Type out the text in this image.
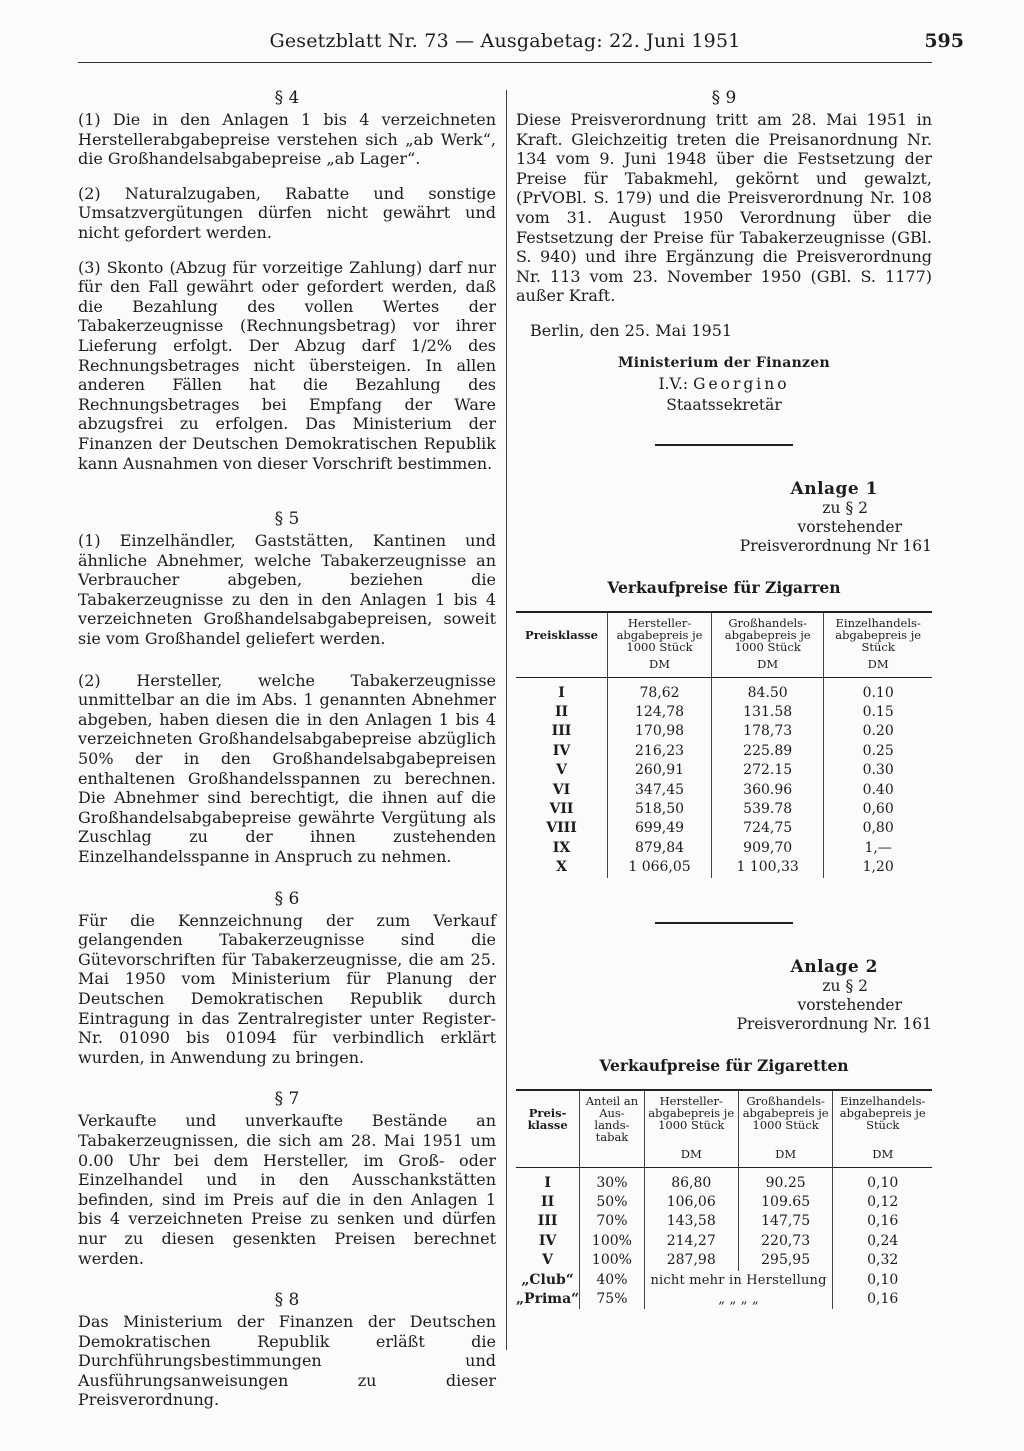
Gesetzblatt Nr. 73 — Ausgabetag: 22. Juni 1951	595
§ 4

(1) Die in den Anlagen 1 bis 4 verzeichneten Herstellerabgabepreise verstehen sich „ab Werk“, die Großhandelsabgabepreise „ab Lager“.

(2) Naturalzugaben, Rabatte und sonstige Umsatzvergütungen dürfen nicht gewährt und nicht gefordert werden.

(3) Skonto (Abzug für vorzeitige Zahlung) darf nur für den Fall gewährt oder gefordert werden, daß die Bezahlung des vollen Wertes der Tabakerzeugnisse (Rechnungsbetrag) vor ihrer Lieferung erfolgt. Der Abzug darf 1/2% des Rechnungsbetrages nicht übersteigen. In allen anderen Fällen hat die Bezahlung des Rechnungsbetrages bei Empfang der Ware abzugsfrei zu erfolgen. Das Ministerium der Finanzen der Deutschen Demokratischen Republik kann Ausnahmen von dieser Vorschrift bestimmen.

§ 5

(1) Einzelhändler, Gaststätten, Kantinen und ähnliche Abnehmer, welche Tabakerzeugnisse an Verbraucher abgeben, beziehen die Tabakerzeugnisse zu den in den Anlagen 1 bis 4 verzeichneten Großhandelsabgabepreisen, soweit sie vom Großhandel geliefert werden.

(2) Hersteller, welche Tabakerzeugnisse unmittelbar an die im Abs. 1 genannten Abnehmer abgeben, haben diesen die in den Anlagen 1 bis 4 verzeichneten Großhandelsabgabepreise abzüglich 50% der in den Großhandelsabgabepreisen enthaltenen Großhandelsspannen zu berechnen. Die Abnehmer sind berechtigt, die ihnen auf die Großhandelsabgabepreise gewährte Vergütung als Zuschlag zu der ihnen zustehenden Einzelhandelsspanne in Anspruch zu nehmen.

§ 6

Für die Kennzeichnung der zum Verkauf gelangenden Tabakerzeugnisse sind die Gütevorschriften für Tabakerzeugnisse, die am 25. Mai 1950 vom Ministerium für Planung der Deutschen Demokratischen Republik durch Eintragung in das Zentralregister unter Register-Nr. 01090 bis 01094 für verbindlich erklärt wurden, in Anwendung zu bringen.

§ 7

Verkaufte und unverkaufte Bestände an Tabakerzeugnissen, die sich am 28. Mai 1951 um 0.00 Uhr bei dem Hersteller, im Groß- oder Einzelhandel und in den Ausschankstätten befinden, sind im Preis auf die in den Anlagen 1 bis 4 verzeichneten Preise zu senken und dürfen nur zu diesen gesenkten Preisen berechnet werden.

§ 8

Das Ministerium der Finanzen der Deutschen Demokratischen Republik erläßt die Durchführungsbestimmungen und Ausführungsanweisungen zu dieser Preisverordnung.

§ 9

Diese Preisverordnung tritt am 28. Mai 1951 in Kraft. Gleichzeitig treten die Preisanordnung Nr. 134 vom 9. Juni 1948 über die Festsetzung der Preise für Tabakmehl, gekörnt und gewalzt, (PrVOBl. S. 179) und die Preisverordnung Nr. 108 vom 31. August 1950 Verordnung über die Festsetzung der Preise für Tabakerzeugnisse (GBl. S. 940) und ihre Ergänzung die Preisverordnung Nr. 113 vom 23. November 1950 (GBl. S. 1177) außer Kraft.

Berlin, den 25. Mai 1951

Ministerium der Finanzen
I.V.: Georgino
Staatssekretär
Anlage 1
zu § 2
vorstehender
Preisverordnung Nr 161
Verkaufpreise für Zigarren
Preisklasse	Hersteller-abgabepreis je 1000 Stück	Großhandels-abgabepreis je 1000 Stück	Einzelhandels-abgabepreis je Stück
	DM	DM	DM
I	78,62	84.50	0.10
II	124,78	131.58	0.15
III	170,98	178,73	0.20
IV	216,23	225.89	0.25
V	260,91	272.15	0.30
VI	347,45	360.96	0.40
VII	518,50	539.78	0,60
VIII	699,49	724,75	0,80
IX	879,84	909,70	1,—
X	1 066,05	1 100,33	1,20
Anlage 2
zu § 2
vorstehender
Preisverordnung Nr. 161
Verkaufpreise für Zigaretten
Preis-klasse	Anteil an Aus-lands-tabak	Hersteller-abgabepreis je 1000 Stück	Großhandels-abgabepreis je 1000 Stück	Einzelhandels-abgabepreis je Stück
		DM	DM	DM
I	30%	86,80	90.25	0,10
II	50%	106,06	109.65	0,12
III	70%	143,58	147,75	0,16
IV	100%	214,27	220,73	0,24
V	100%	287,98	295,95	0,32
„Club“	40%	nicht mehr in Herstellung		0,10
„Prima“	75%	„ „ „ „		0,16
